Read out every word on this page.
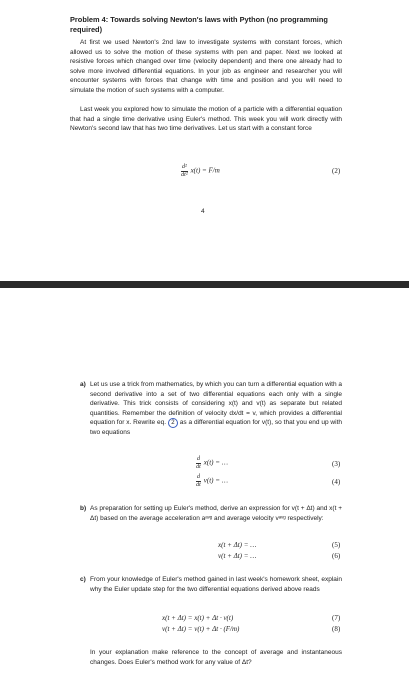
Problem 4: Towards solving Newton's laws with Python (no programming required)
At first we used Newton's 2nd law to investigate systems with constant forces, which allowed us to solve the motion of these systems with pen and paper. Next we looked at resistive forces which changed over time (velocity dependent) and there one already had to solve more involved differential equations. In your job as engineer and researcher you will encounter systems with forces that change with time and position and you will need to simulate the motion of such systems with a computer.
Last week you explored how to simulate the motion of a particle with a differential equation that had a single time derivative using Euler's method. This week you will work directly with Newton's second law that has two time derivatives. Let us start with a constant force
$\frac{\text{d²}}{\text{dt²}} x(t) = F/m$	(2)
4
a) Let us use a trick from mathematics, by which you can turn a differential equation with a second derivative into a set of two differential equations each only with a single derivative. This trick consists of considering x(t) and v(t) as separate but related quantities. Remember the definition of velocity dx/dt = v, which provides a differential equation for x. Rewrite eq. 2 as a differential equation for v(t), so that you end up with two equations
$\frac{d}{dt} x(t)$ = …	(3)
$\frac{d}{dt} v(t)$ = …	(4)
b) As preparation for setting up Euler's method, derive an expression for v(t + Δt) and x(t + Δt) based on the average acceleration aᵃᵛᵍ and average velocity vᵃᵛᵍ respectively:
x(t + Δt) = …	(5)
v(t + Δt) = …	(6)
c) From your knowledge of Euler's method gained in last week's homework sheet, explain why the Euler update step for the two differential equations derived above reads
x(t + Δt) = x(t) + Δt · v(t)	(7)
v(t + Δt) = v(t) + Δt · (F/m)	(8)
In your explanation make reference to the concept of average and instantaneous changes. Does Euler's method work for any value of Δt?
